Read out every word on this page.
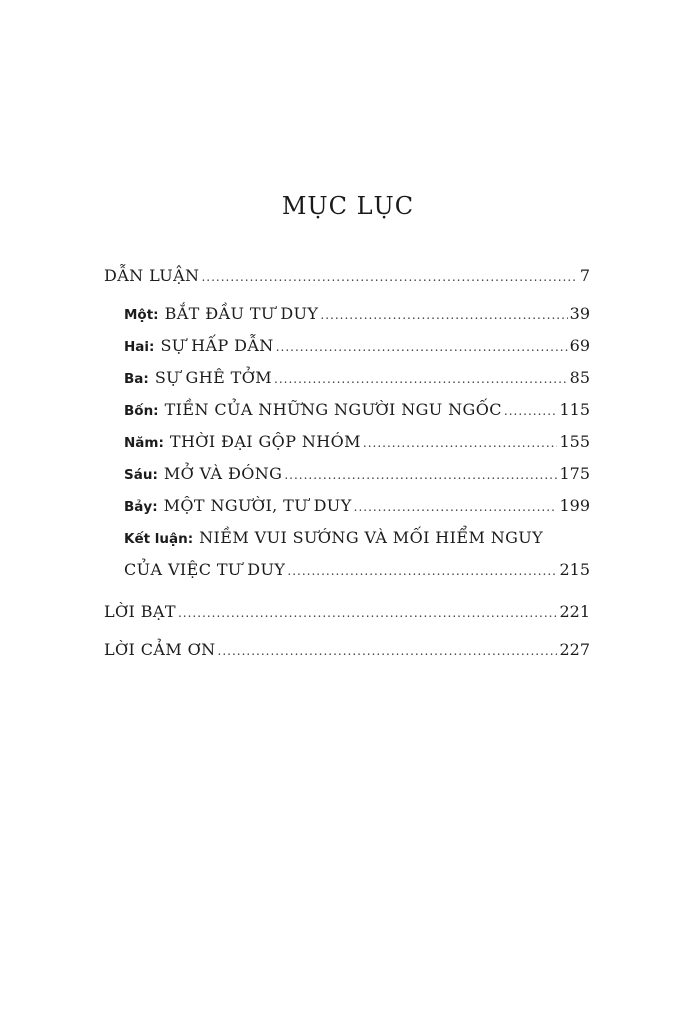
MỤC LỤC
DẪN LUẬN .....	7
Một: BẮT ĐẦU TƯ DUY .....	39
Hai: SỰ HẤP DẪN .....	69
Ba: SỰ GHÊ TỞM .....	85
Bốn: TIỀN CỦA NHỮNG NGƯỜI NGU NGỐC .....	115
Năm: THỜI ĐẠI GỘP NHÓM .....	155
Sáu: MỞ VÀ ĐÓNG .....	175
Bảy: MỘT NGƯỜI, TƯ DUY .....	199
Kết luận: NIỀM VUI SƯỚNG VÀ MỐI HIỂM NGUY
CỦA VIỆC TƯ DUY .....	215
LỜI BẠT .....	221
LỜI CẢM ƠN .....	227
